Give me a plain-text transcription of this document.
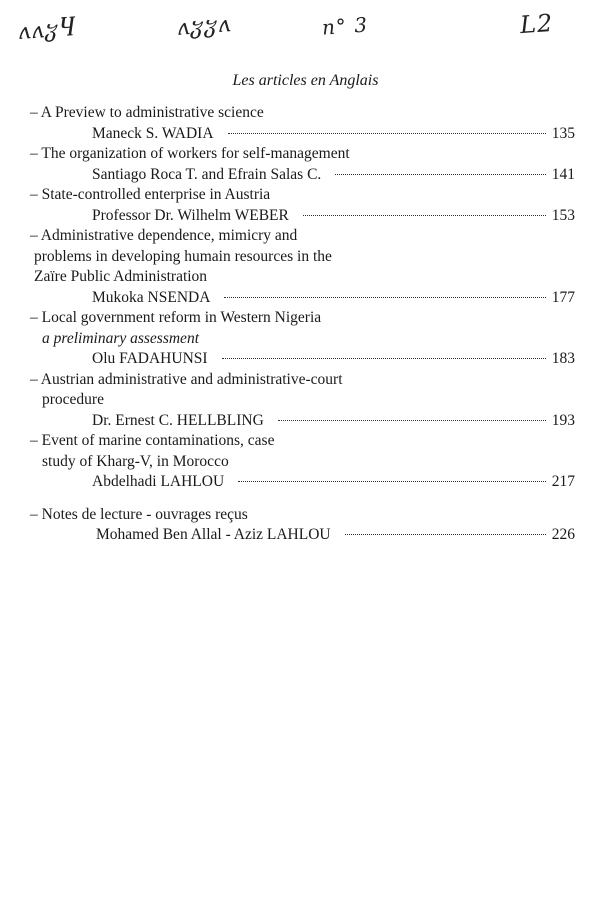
ʌʌჳႷ	ʌჳჳʌ	n° 3	L2
Les articles en Anglais
– A Preview to administrative science
Maneck S. WADIA	135
– The organization of workers for self-management
Santiago Roca T. and Efrain Salas C.	141
– State-controlled enterprise in Austria
Professor Dr. Wilhelm WEBER	153
– Administrative dependence, mimicry and
problems in developing humain resources in the
Zaïre Public Administration
Mukoka NSENDA	177
– Local government reform in Western Nigeria
a preliminary assessment
Olu FADAHUNSI	183
– Austrian administrative and administrative-court
procedure
Dr. Ernest C. HELLBLING	193
– Event of marine contaminations, case
study of Kharg-V, in Morocco
Abdelhadi LAHLOU	217
– Notes de lecture - ouvrages reçus
Mohamed Ben Allal - Aziz LAHLOU	226
